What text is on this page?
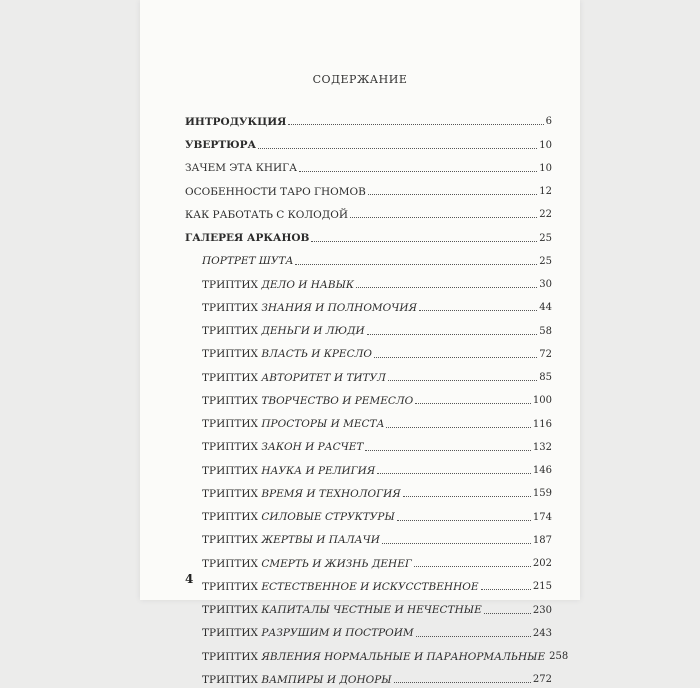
СОДЕРЖАНИЕ
ИНТРОДУКЦИЯ	6
УВЕРТЮРА	10
ЗАЧЕМ ЭТА КНИГА	10
ОСОБЕННОСТИ ТАРО ГНОМОВ	12
КАК РАБОТАТЬ С КОЛОДОЙ	22
ГАЛЕРЕЯ АРКАНОВ	25
ПОРТРЕТ ШУТА	25
ТРИПТИХ ДЕЛО И НАВЫК	30
ТРИПТИХ ЗНАНИЯ И ПОЛНОМОЧИЯ	44
ТРИПТИХ ДЕНЬГИ И ЛЮДИ	58
ТРИПТИХ ВЛАСТЬ И КРЕСЛО	72
ТРИПТИХ АВТОРИТЕТ И ТИТУЛ	85
ТРИПТИХ ТВОРЧЕСТВО И РЕМЕСЛО	100
ТРИПТИХ ПРОСТОРЫ И МЕСТА	116
ТРИПТИХ ЗАКОН И РАСЧЕТ	132
ТРИПТИХ НАУКА И РЕЛИГИЯ	146
ТРИПТИХ ВРЕМЯ И ТЕХНОЛОГИЯ	159
ТРИПТИХ СИЛОВЫЕ СТРУКТУРЫ	174
ТРИПТИХ ЖЕРТВЫ И ПАЛАЧИ	187
ТРИПТИХ СМЕРТЬ И ЖИЗНЬ ДЕНЕГ	202
ТРИПТИХ ЕСТЕСТВЕННОЕ И ИСКУССТВЕННОЕ	215
ТРИПТИХ КАПИТАЛЫ ЧЕСТНЫЕ И НЕЧЕСТНЫЕ	230
ТРИПТИХ РАЗРУШИМ И ПОСТРОИМ	243
ТРИПТИХ ЯВЛЕНИЯ НОРМАЛЬНЫЕ И ПАРАНОРМАЛЬНЫЕ 258
ТРИПТИХ ВАМПИРЫ И ДОНОРЫ	272
4
